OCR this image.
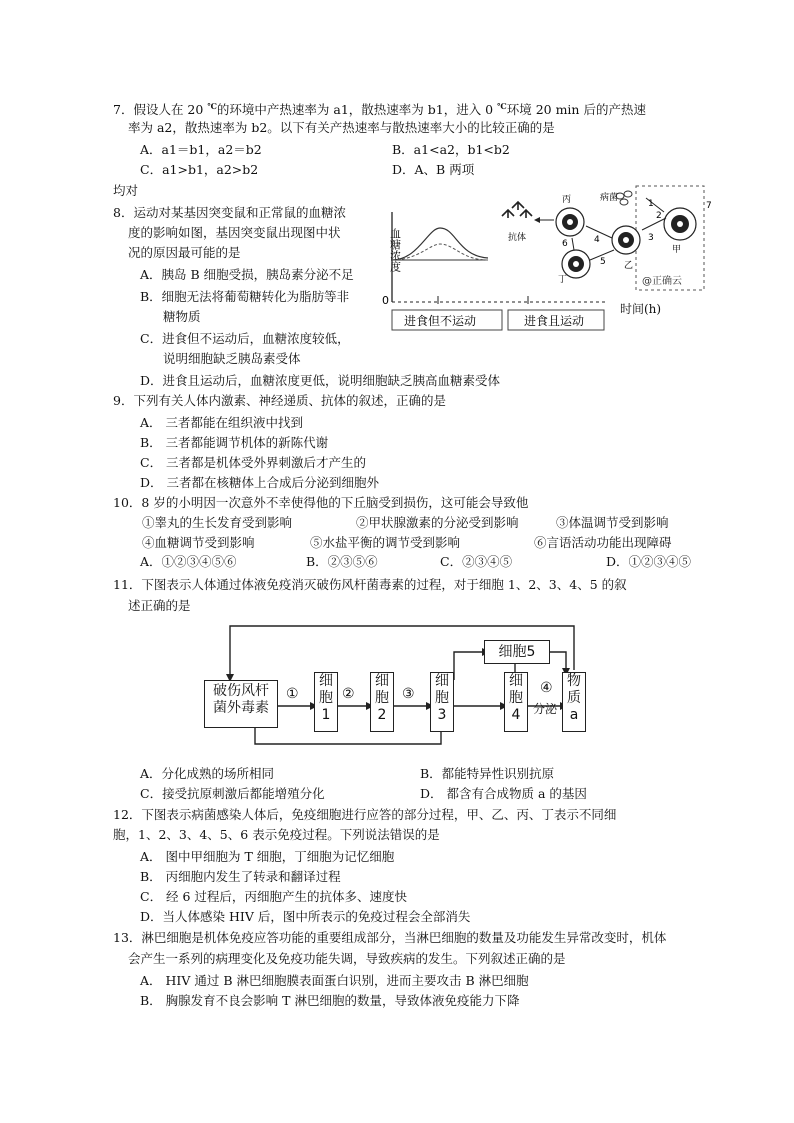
7．假设人在 20 ℃的环境中产热速率为 a1，散热速率为 b1，进入 0 ℃环境 20 min 后的产热速
率为 a2，散热速率为 b2。以下有关产热速率与散热速率大小的比较正确的是
A．a1＝b1，a2＝b2	B．a1<a2，b1<b2
C．a1>b1，a2>b2	D．A、B 两项
均对
8．运动对某基因突变鼠和正常鼠的血糖浓
度的影响如图，基因突变鼠出现图中状
况的原因最可能的是
A．胰岛 B 细胞受损，胰岛素分泌不足
B．细胞无法将葡萄糖转化为脂肪等非
糖物质
C．进食但不运动后，血糖浓度较低，
说明细胞缺乏胰岛素受体
D．进食且运动后，血糖浓度更低，说明细胞缺乏胰高血糖素受体
血糖浓度
0
进食但不运动	进食且运动
时间(h)
抗体
丙	病菌
甲
乙
丁
1
2
3
4
5
6
7
@正确云
9．下列有关人体内激素、神经递质、抗体的叙述，正确的是
A． 三者都能在组织液中找到
B． 三者都能调节机体的新陈代谢
C． 三者都是机体受外界刺激后才产生的
D． 三者都在核糖体上合成后分泌到细胞外
10．8 岁的小明因一次意外不幸使得他的下丘脑受到损伤，这可能会导致他
①睾丸的生长发育受到影响	②甲状腺激素的分泌受到影响	③体温调节受到影响
④血糖调节受到影响	⑤水盐平衡的调节受到影响	⑥言语活动功能出现障碍
A．①②③④⑤⑥	B．②③⑤⑥	C．②③④⑤	D．①②③④⑤
11．下图表示人体通过体液免疫消灭破伤风杆菌毒素的过程，对于细胞 1、2、3、4、5 的叙
述正确的是
破伤风杆
菌外毒素
①
细
胞
1
②
细
胞
2
③
细
胞
3
细胞5
细
胞
4
④
分泌
物
质
a
A．分化成熟的场所相同	B．都能特异性识别抗原
C．接受抗原刺激后都能增殖分化	D． 都含有合成物质 a 的基因
12．下图表示病菌感染人体后，免疫细胞进行应答的部分过程，甲、乙、丙、丁表示不同细
胞，1、2、3、4、5、6 表示免疫过程。下列说法错误的是
A． 图中甲细胞为 T 细胞，丁细胞为记忆细胞
B． 丙细胞内发生了转录和翻译过程
C． 经 6 过程后，丙细胞产生的抗体多、速度快
D．当人体感染 HIV 后，图中所表示的免疫过程会全部消失
13．淋巴细胞是机体免疫应答功能的重要组成部分，当淋巴细胞的数量及功能发生异常改变时，机体
会产生一系列的病理变化及免疫功能失调，导致疾病的发生。下列叙述正确的是
A． HIV 通过 B 淋巴细胞膜表面蛋白识别，进而主要攻击 B 淋巴细胞
B． 胸腺发育不良会影响 T 淋巴细胞的数量，导致体液免疫能力下降
